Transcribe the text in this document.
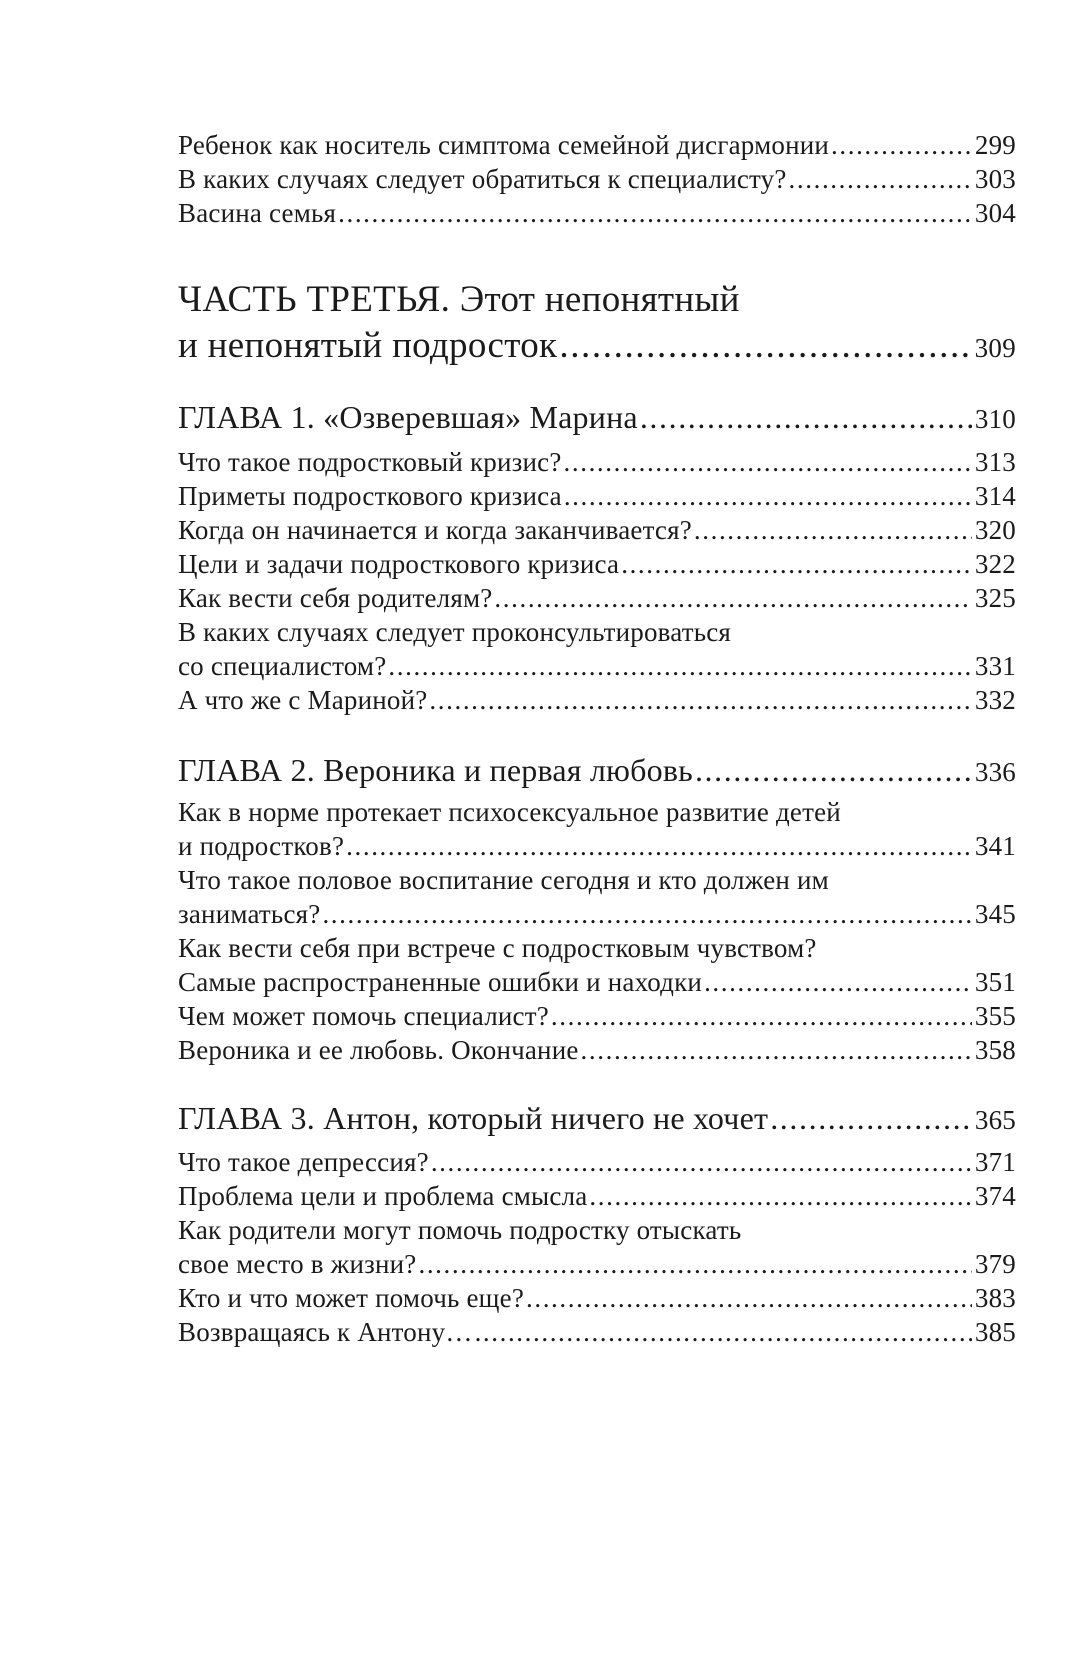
Ребенок как носитель симптома семейной дисгармонии .....	299
В каких случаях следует обратиться к специалисту? .....	303
Васина семья .....	304
ЧАСТЬ ТРЕТЬЯ. Этот непонятный
и непонятый подросток .....	309
ГЛАВА 1. «Озверевшая» Марина .....	310
Что такое подростковый кризис? .....	313
Приметы подросткового кризиса .....	314
Когда он начинается и когда заканчивается? .....	320
Цели и задачи подросткового кризиса .....	322
Как вести себя родителям? .....	325
В каких случаях следует проконсультироваться
со специалистом? .....	331
А что же с Мариной? .....	332
ГЛАВА 2. Вероника и первая любовь .....	336
Как в норме протекает психосексуальное развитие детей
и подростков? .....	341
Что такое половое воспитание сегодня и кто должен им
заниматься? .....	345
Как вести себя при встрече с подростковым чувством?
Самые распространенные ошибки и находки .....	351
Чем может помочь специалист? .....	355
Вероника и ее любовь. Окончание .....	358
ГЛАВА 3. Антон, который ничего не хочет .....	365
Что такое депрессия? .....	371
Проблема цели и проблема смысла .....	374
Как родители могут помочь подростку отыскать
свое место в жизни? .....	379
Кто и что может помочь еще? .....	383
Возвращаясь к Антону… .....	385
